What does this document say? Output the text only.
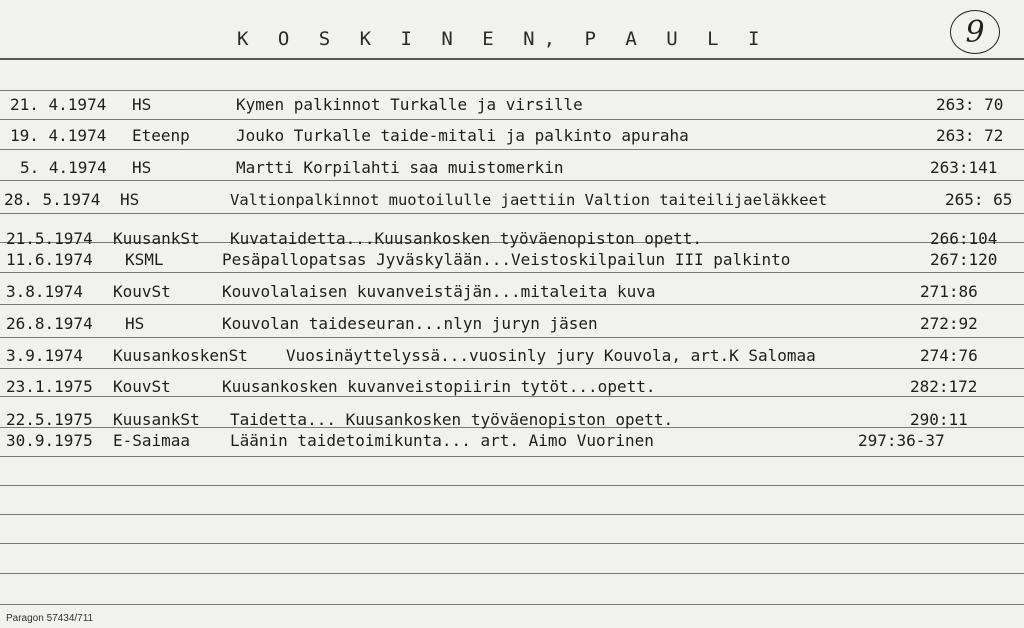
K O S K I N E N, P A U L I	9
21. 4.1974 HS	Kymen palkinnot Turkalle ja virsille	263: 70
19. 4.1974 Eteenp	Jouko Turkalle taide-mitali ja palkinto apuraha	263: 72
5. 4.1974 HS	Martti Korpilahti saa muistomerkin	263:141
28. 5.1974 HS	Valtionpalkinnot muotoilulle jaettiin Valtion taiteilijaeläkkeet	265: 65
21.5.1974 KuusankSt Kuvataidetta...Kuusankosken työväenopiston opett.	266:104
11.6.1974 KSML	Pesäpallopatsas Jyväskylään...Veistoskilpailun III palkinto	267:120
3.8.1974 KouvSt	Kouvolalaisen kuvanveistäjän...mitaleita kuva	271:86
26.8.1974 HS	Kouvolan taideseuran...nlyn juryn jäsen	272:92
3.9.1974 KuusankoskenSt Vuosinäyttelyssä...vuosinly jury Kouvola, art.K Salomaa	274:76
23.1.1975 KouvSt	Kuusankosken kuvanveistopiirin tytöt...opett.	282:172
22.5.1975 KuusankSt Taidetta... Kuusankosken työväenopiston opett.	290:11
30.9.1975 E-Saimaa Läänin taidetoimikunta... art. Aimo Vuorinen	297:36-37
Paragon 57434/711
